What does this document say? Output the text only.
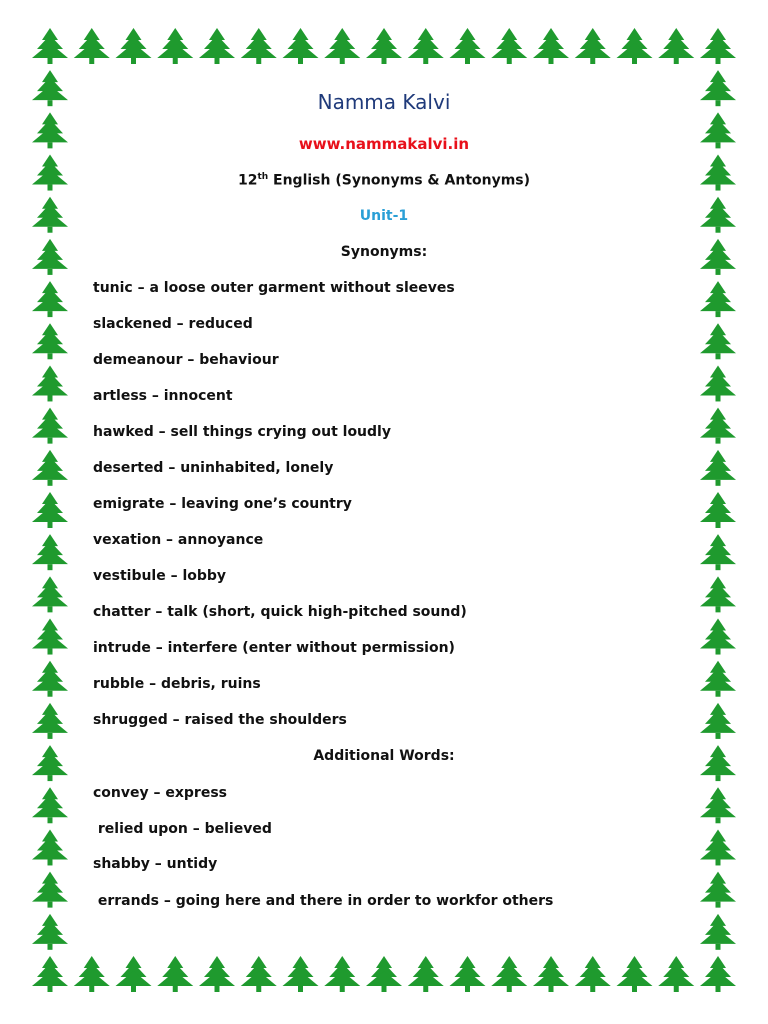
Namma Kalvi
www.nammakalvi.in
12th English (Synonyms & Antonyms)
Unit-1
Synonyms:
tunic – a loose outer garment without sleeves
slackened – reduced
demeanour – behaviour
artless – innocent
hawked – sell things crying out loudly
deserted – uninhabited, lonely
emigrate – leaving one’s country
vexation – annoyance
vestibule – lobby
chatter – talk (short, quick high-pitched sound)
intrude – interfere (enter without permission)
rubble – debris, ruins
shrugged – raised the shoulders
Additional Words:
convey – express
relied upon – believed
shabby – untidy
errands – going here and there in order to workfor others
